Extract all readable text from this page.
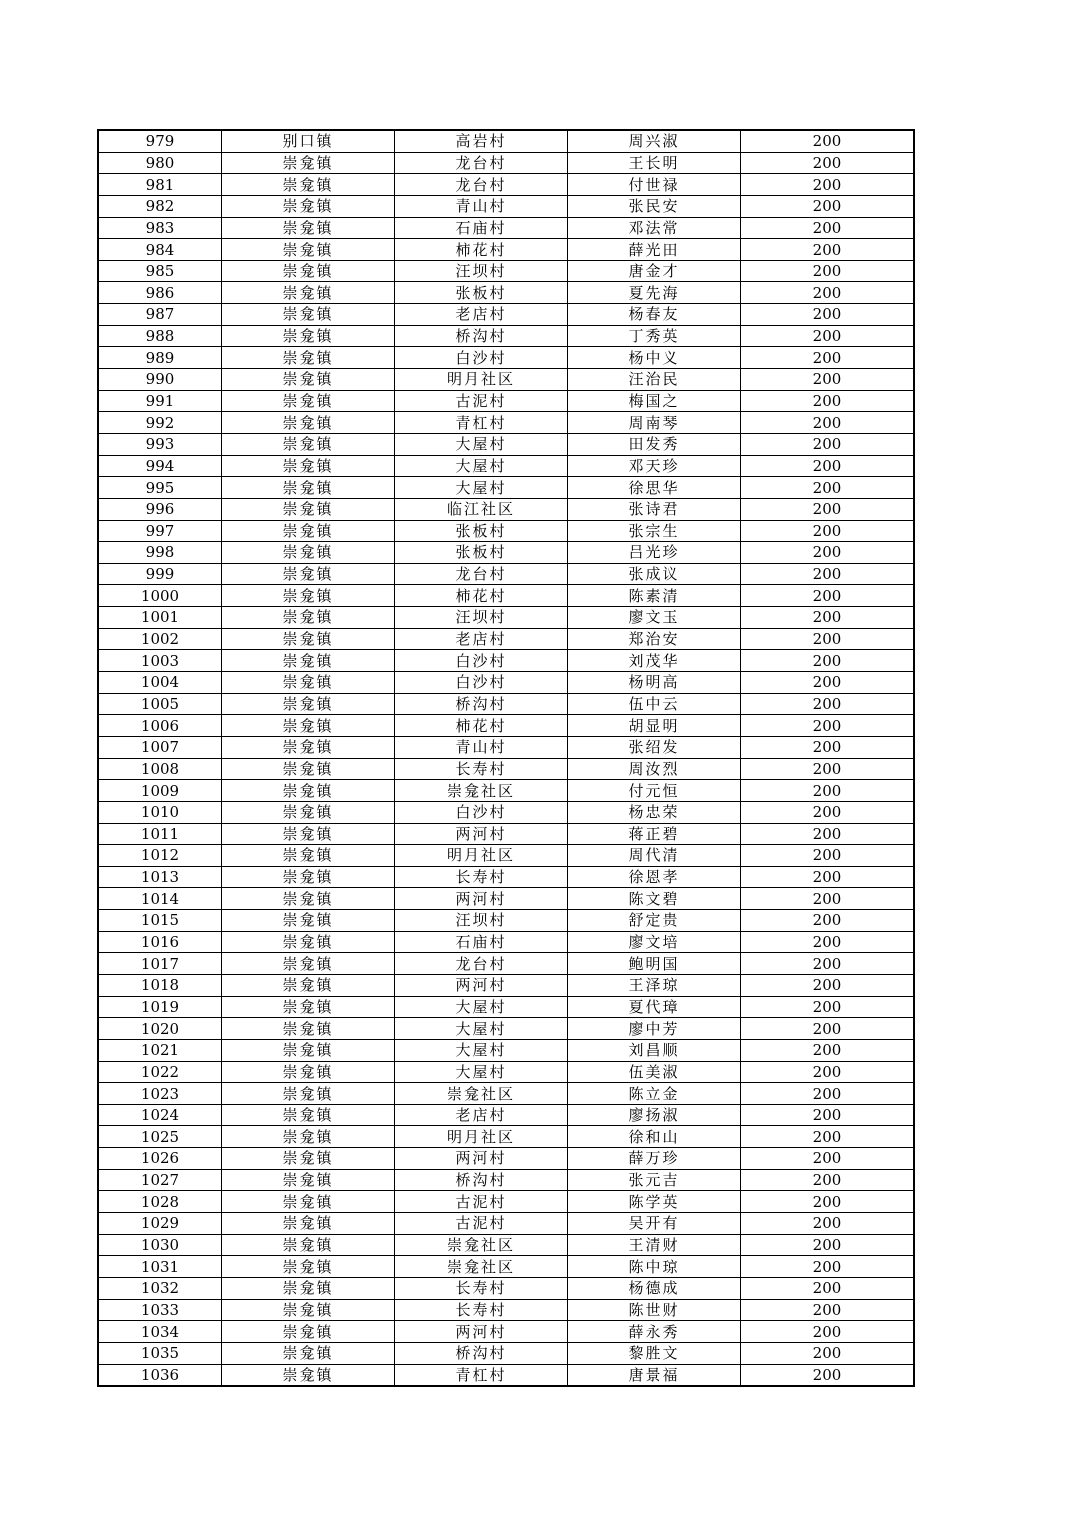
979	别口镇	高岩村	周兴淑	200
980	崇龛镇	龙台村	王长明	200
981	崇龛镇	龙台村	付世禄	200
982	崇龛镇	青山村	张民安	200
983	崇龛镇	石庙村	邓法常	200
984	崇龛镇	柿花村	薛光田	200
985	崇龛镇	汪坝村	唐金才	200
986	崇龛镇	张板村	夏先海	200
987	崇龛镇	老店村	杨春友	200
988	崇龛镇	桥沟村	丁秀英	200
989	崇龛镇	白沙村	杨中义	200
990	崇龛镇	明月社区	汪治民	200
991	崇龛镇	古泥村	梅国之	200
992	崇龛镇	青杠村	周南琴	200
993	崇龛镇	大屋村	田发秀	200
994	崇龛镇	大屋村	邓天珍	200
995	崇龛镇	大屋村	徐思华	200
996	崇龛镇	临江社区	张诗君	200
997	崇龛镇	张板村	张宗生	200
998	崇龛镇	张板村	吕光珍	200
999	崇龛镇	龙台村	张成议	200
1000	崇龛镇	柿花村	陈素清	200
1001	崇龛镇	汪坝村	廖文玉	200
1002	崇龛镇	老店村	郑治安	200
1003	崇龛镇	白沙村	刘茂华	200
1004	崇龛镇	白沙村	杨明高	200
1005	崇龛镇	桥沟村	伍中云	200
1006	崇龛镇	柿花村	胡显明	200
1007	崇龛镇	青山村	张绍发	200
1008	崇龛镇	长寿村	周汝烈	200
1009	崇龛镇	崇龛社区	付元恒	200
1010	崇龛镇	白沙村	杨忠荣	200
1011	崇龛镇	两河村	蒋正碧	200
1012	崇龛镇	明月社区	周代清	200
1013	崇龛镇	长寿村	徐恩孝	200
1014	崇龛镇	两河村	陈文碧	200
1015	崇龛镇	汪坝村	舒定贵	200
1016	崇龛镇	石庙村	廖文培	200
1017	崇龛镇	龙台村	鲍明国	200
1018	崇龛镇	两河村	王泽琼	200
1019	崇龛镇	大屋村	夏代璋	200
1020	崇龛镇	大屋村	廖中芳	200
1021	崇龛镇	大屋村	刘昌顺	200
1022	崇龛镇	大屋村	伍美淑	200
1023	崇龛镇	崇龛社区	陈立金	200
1024	崇龛镇	老店村	廖扬淑	200
1025	崇龛镇	明月社区	徐和山	200
1026	崇龛镇	两河村	薛万珍	200
1027	崇龛镇	桥沟村	张元吉	200
1028	崇龛镇	古泥村	陈学英	200
1029	崇龛镇	古泥村	吴开有	200
1030	崇龛镇	崇龛社区	王清财	200
1031	崇龛镇	崇龛社区	陈中琼	200
1032	崇龛镇	长寿村	杨德成	200
1033	崇龛镇	长寿村	陈世财	200
1034	崇龛镇	两河村	薛永秀	200
1035	崇龛镇	桥沟村	黎胜文	200
1036	崇龛镇	青杠村	唐景福	200
